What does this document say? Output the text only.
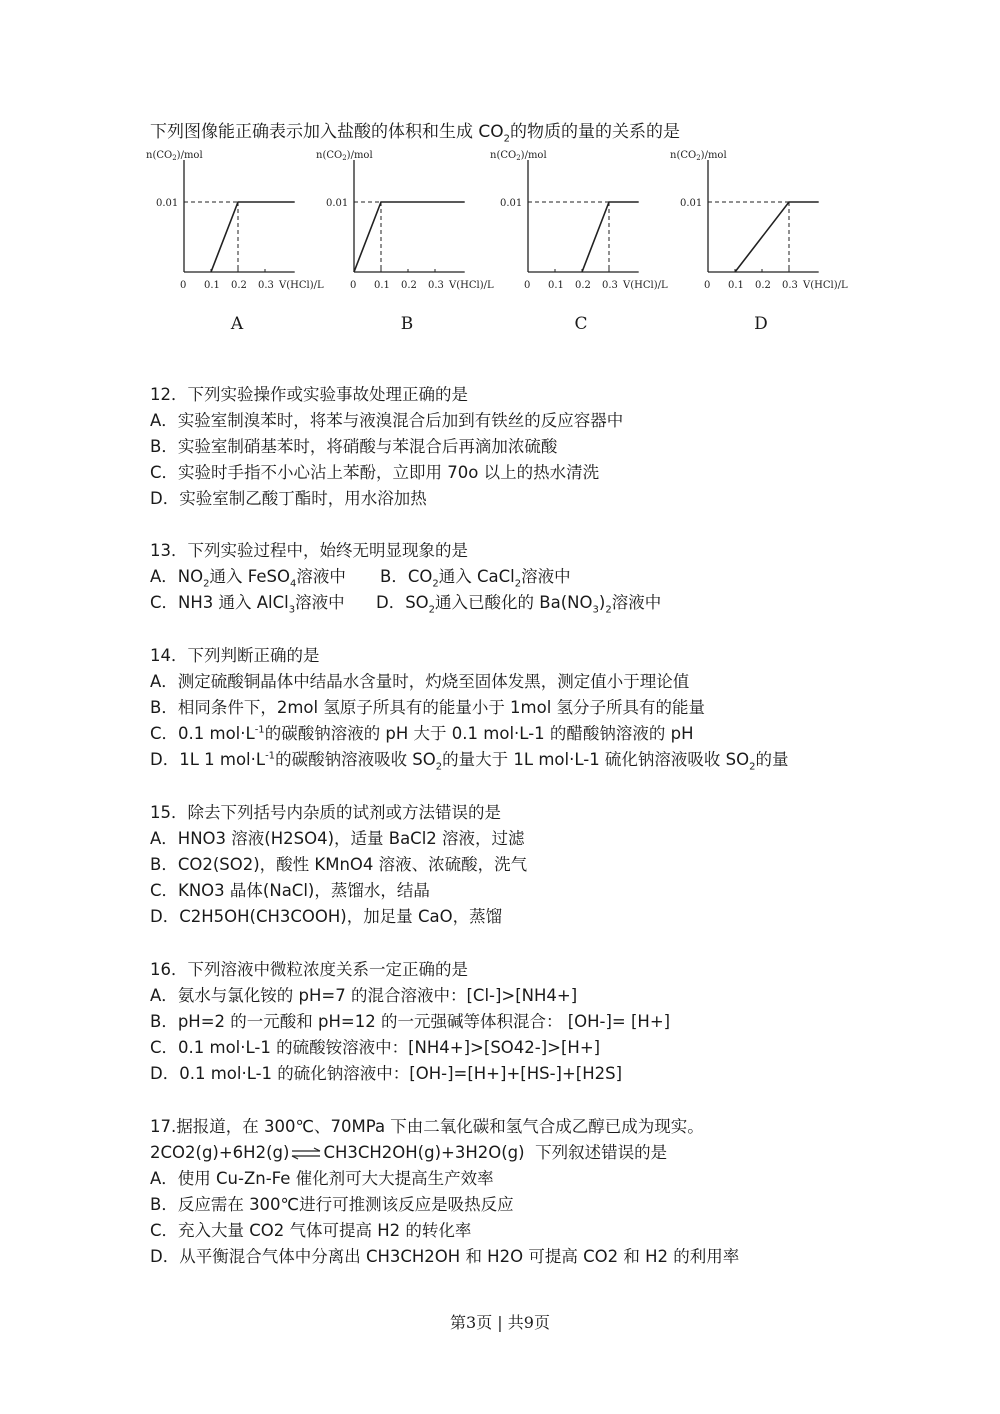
下列图像能正确表示加入盐酸的体积和生成 $CO_2$的物质的量的关系的是
$n(CO_2)$/mol
0.01
0 0.1 0.2 0.3 V(HCl)/L
A
$n(CO_2)$/mol
0.01
0 0.1 0.2 0.3 V(HCl)/L
B
$n(CO_2)$/mol
0.01
0 0.1 0.2 0.3 V(HCl)/L
C
$n(CO_2)$/mol
0.01
0 0.1 0.2 0.3 V(HCl)/L
D
12．下列实验操作或实验事故处理正确的是
A．实验室制溴苯时，将苯与液溴混合后加到有铁丝的反应容器中
B．实验室制硝基苯时，将硝酸与苯混合后再滴加浓硫酸
C．实验时手指不小心沾上苯酚，立即用 70o 以上的热水清洗
D．实验室制乙酸丁酯时，用水浴加热
13．下列实验过程中，始终无明显现象的是
A．$NO_2$通入 FeSO$_4$溶液中 B．$CO_2$通入 CaCl$_2$溶液中
C．NH3 通入 AlCl$_3$溶液中 D．$SO_2$通入已酸化的 $Ba(NO_3)_2$溶液中
14．下列判断正确的是
A．测定硫酸铜晶体中结晶水含量时，灼烧至固体发黑，测定值小于理论值
B．相同条件下，2mol 氢原子所具有的能量小于 1mol 氢分子所具有的能量
C．0.1 $mol\cdot L^{-1}$的碳酸钠溶液的 pH 大于 0.1 mol·L-1 的醋酸钠溶液的 pH
D．1L 1 $mol\cdot L^{-1}$的碳酸钠溶液吸收 $SO_2$的量大于 1L mol·L-1 硫化钠溶液吸收 $SO_2$的量
15．除去下列括号内杂质的试剂或方法错误的是
A．HNO3 溶液(H2SO4)，适量 BaCl2 溶液，过滤
B．CO2(SO2)，酸性 KMnO4 溶液、浓硫酸，洗气
C．KNO3 晶体(NaCl)，蒸馏水，结晶
D．C2H5OH(CH3COOH)，加足量 CaO，蒸馏
16．下列溶液中微粒浓度关系一定正确的是
A．氨水与氯化铵的 pH=7 的混合溶液中：[Cl-]>[NH4+]
B．pH=2 的一元酸和 pH=12 的一元强碱等体积混合： [OH-]= [H+]
C．0.1 mol·L-1 的硫酸铵溶液中：[NH4+]>[SO42-]>[H+]
D．0.1 mol·L-1 的硫化钠溶液中：[OH-]=[H+]+[HS-]+[H2S]
17.据报道，在 300℃、70MPa 下由二氧化碳和氢气合成乙醇已成为现实。
2CO2(g)+6H2(g)⇌CH3CH2OH(g)+3H2O(g) 下列叙述错误的是
A．使用 Cu-Zn-Fe 催化剂可大大提高生产效率
B．反应需在 300℃进行可推测该反应是吸热反应
C．充入大量 CO2 气体可提高 H2 的转化率
D．从平衡混合气体中分离出 CH3CH2OH 和 H2O 可提高 CO2 和 H2 的利用率
第3页 | 共9页
